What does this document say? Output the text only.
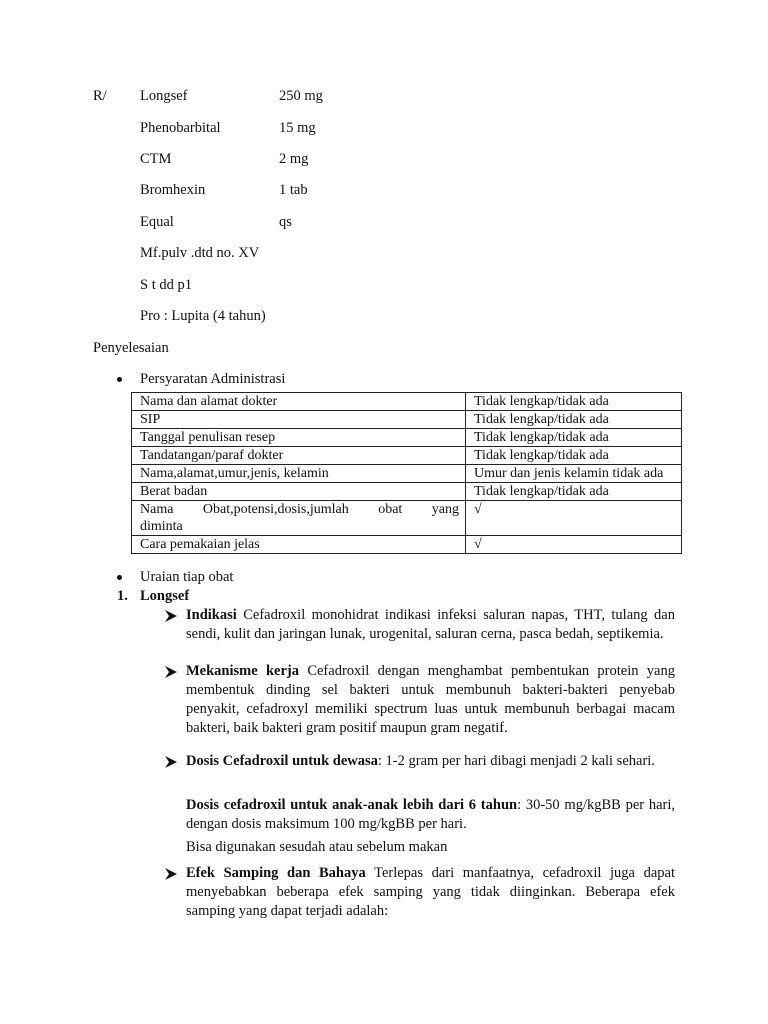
R/ Longsef	250 mg
Phenobarbital	15 mg
CTM	2 mg
Bromhexin	1 tab
Equal	qs
Mf.pulv .dtd no. XV
S t dd p1
Pro : Lupita (4 tahun)
Penyelesaian
Persyaratan Administrasi
Nama dan alamat dokter	Tidak lengkap/tidak ada
SIP	Tidak lengkap/tidak ada
Tanggal penulisan resep	Tidak lengkap/tidak ada
Tandatangan/paraf dokter	Tidak lengkap/tidak ada
Nama,alamat,umur,jenis, kelamin	Umur dan jenis kelamin tidak ada
Berat badan	Tidak lengkap/tidak ada

Nama Obat,potensi,dosis,jumlah obat yang
diminta	√
Cara pemakaian jelas	√
Uraian tiap obat
1. Longsef
Indikasi Cefadroxil monohidrat indikasi infeksi saluran napas, THT, tulang dan sendi, kulit dan jaringan lunak, urogenital, saluran cerna, pasca bedah, septikemia.
Mekanisme kerja Cefadroxil dengan menghambat pembentukan protein yang membentuk dinding sel bakteri untuk membunuh bakteri-bakteri penyebab penyakit, cefadroxyl memiliki spectrum luas untuk membunuh berbagai macam bakteri, baik bakteri gram positif maupun gram negatif.
Dosis Cefadroxil untuk dewasa: 1-2 gram per hari dibagi menjadi 2 kali sehari.
Dosis cefadroxil untuk anak-anak lebih dari 6 tahun: 30-50 mg/kgBB per hari, dengan dosis maksimum 100 mg/kgBB per hari.
Bisa digunakan sesudah atau sebelum makan
Efek Samping dan Bahaya Terlepas dari manfaatnya, cefadroxil juga dapat menyebabkan beberapa efek samping yang tidak diinginkan. Beberapa efek samping yang dapat terjadi adalah:
